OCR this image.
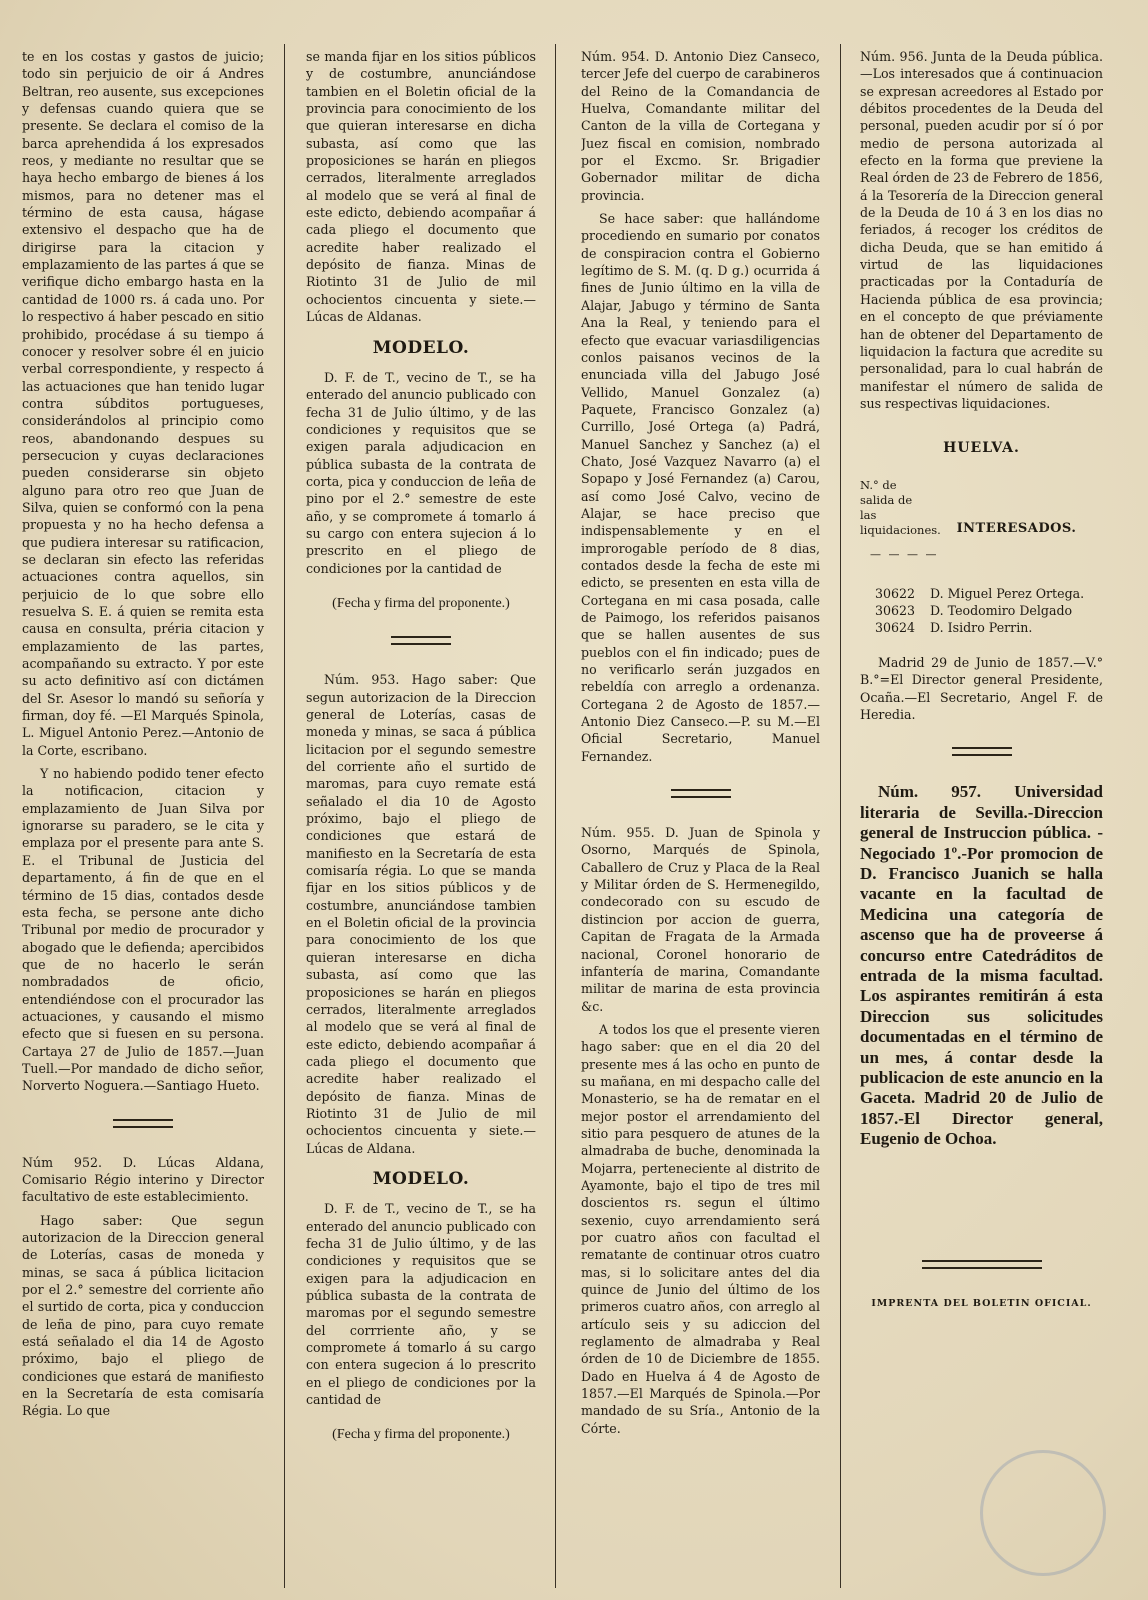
te en los costas y gastos de juicio; todo sin perjuicio de oir á Andres Beltran, reo ausente, sus excepciones y defensas cuando quiera que se presente. Se declara el comiso de la barca aprehendida á los expresados reos, y mediante no resultar que se haya hecho embargo de bienes á los mismos, para no detener mas el término de esta causa, hágase extensivo el despacho que ha de dirigirse para la citacion y emplazamiento de las partes á que se verifique dicho embargo hasta en la cantidad de 1000 rs. á cada uno. Por lo respectivo á haber pescado en sitio prohibido, procédase á su tiempo á conocer y resolver sobre él en juicio verbal correspondiente, y respecto á las actuaciones que han tenido lugar contra súbditos portugueses, considerándolos al principio como reos, abandonando despues su persecucion y cuyas declaraciones pueden considerarse sin objeto alguno para otro reo que Juan de Silva, quien se conformó con la pena propuesta y no ha hecho defensa a que pudiera interesar su ratificacion, se declaran sin efecto las referidas actuaciones contra aquellos, sin perjuicio de lo que sobre ello resuelva S. E. á quien se remita esta causa en consulta, préria citacion y emplazamiento de las partes, acompañando su extracto. Y por este su acto definitivo así con dictámen del Sr. Asesor lo mandó su señoría y firman, doy fé. —El Marqués Spinola, L. Miguel Antonio Perez.—Antonio de la Corte, escribano.

Y no habiendo podido tener efecto la notificacion, citacion y emplazamiento de Juan Silva por ignorarse su paradero, se le cita y emplaza por el presente para ante S. E. el Tribunal de Justicia del departamento, á fin de que en el término de 15 dias, contados desde esta fecha, se persone ante dicho Tribunal por medio de procurador y abogado que le defienda; apercibidos que de no hacerlo le serán nombradados de oficio, entendiéndose con el procurador las actuaciones, y causando el mismo efecto que si fuesen en su persona. Cartaya 27 de Julio de 1857.—Juan Tuell.—Por mandado de dicho señor, Norverto Noguera.—Santiago Hueto.

Núm 952. D. Lúcas Aldana, Comisario Régio interino y Director facultativo de este establecimiento.

Hago saber: Que segun autorizacion de la Direccion general de Loterías, casas de moneda y minas, se saca á pública licitacion por el 2.° semestre del corriente año el surtido de corta, pica y conduccion de leña de pino, para cuyo remate está señalado el dia 14 de Agosto próximo, bajo el pliego de condiciones que estará de manifiesto en la Secretaría de esta comisaría Régia. Lo que

se manda fijar en los sitios públicos y de costumbre, anunciándose tambien en el Boletin oficial de la provincia para conocimiento de los que quieran interesarse en dicha subasta, así como que las proposiciones se harán en pliegos cerrados, literalmente arreglados al modelo que se verá al final de este edicto, debiendo acompañar á cada pliego el documento que acredite haber realizado el depósito de fianza. Minas de Riotinto 31 de Julio de mil ochocientos cincuenta y siete.—Lúcas de Aldanas.

MODELO.

D. F. de T., vecino de T., se ha enterado del anuncio publicado con fecha 31 de Julio último, y de las condiciones y requisitos que se exigen parala adjudicacion en pública subasta de la contrata de corta, pica y conduccion de leña de pino por el 2.° semestre de este año, y se compromete á tomarlo á su cargo con entera sujecion á lo prescrito en el pliego de condiciones por la cantidad de

(Fecha y firma del proponente.)

Núm. 953. Hago saber: Que segun autorizacion de la Direccion general de Loterías, casas de moneda y minas, se saca á pública licitacion por el segundo semestre del corriente año el surtido de maromas, para cuyo remate está señalado el dia 10 de Agosto próximo, bajo el pliego de condiciones que estará de manifiesto en la Secretaría de esta comisaría régia. Lo que se manda fijar en los sitios públicos y de costumbre, anunciándose tambien en el Boletin oficial de la provincia para conocimiento de los que quieran interesarse en dicha subasta, así como que las proposiciones se harán en pliegos cerrados, literalmente arreglados al modelo que se verá al final de este edicto, debiendo acompañar á cada pliego el documento que acredite haber realizado el depósito de fianza. Minas de Riotinto 31 de Julio de mil ochocientos cincuenta y siete.—Lúcas de Aldana.

MODELO.

D. F. de T., vecino de T., se ha enterado del anuncio publicado con fecha 31 de Julio último, y de las condiciones y requisitos que se exigen para la adjudicacion en pública subasta de la contrata de maromas por el segundo semestre del corrriente año, y se compromete á tomarlo á su cargo con entera sugecion á lo prescrito en el pliego de condiciones por la cantidad de

(Fecha y firma del proponente.)

Núm. 954. D. Antonio Diez Canseco, tercer Jefe del cuerpo de carabineros del Reino de la Comandancia de Huelva, Comandante militar del Canton de la villa de Cortegana y Juez fiscal en comision, nombrado por el Excmo. Sr. Brigadier Gobernador militar de dicha provincia.

Se hace saber: que hallándome procediendo en sumario por conatos de conspiracion contra el Gobierno legítimo de S. M. (q. D g.) ocurrida á fines de Junio último en la villa de Alajar, Jabugo y término de Santa Ana la Real, y teniendo para el efecto que evacuar variasdiligencias conlos paisanos vecinos de la enunciada villa del Jabugo José Vellido, Manuel Gonzalez (a) Paquete, Francisco Gonzalez (a) Currillo, José Ortega (a) Padrá, Manuel Sanchez y Sanchez (a) el Chato, José Vazquez Navarro (a) el Sopapo y José Fernandez (a) Carou, así como José Calvo, vecino de Alajar, se hace preciso que indispensablemente y en el improrogable período de 8 dias, contados desde la fecha de este mi edicto, se presenten en esta villa de Cortegana en mi casa posada, calle de Paimogo, los referidos paisanos que se hallen ausentes de sus pueblos con el fin indicado; pues de no verificarlo serán juzgados en rebeldía con arreglo a ordenanza. Cortegana 2 de Agosto de 1857.—Antonio Diez Canseco.—P. su M.—El Oficial Secretario, Manuel Fernandez.

Núm. 955. D. Juan de Spinola y Osorno, Marqués de Spinola, Caballero de Cruz y Placa de la Real y Militar órden de S. Hermenegildo, condecorado con su escudo de distincion por accion de guerra, Capitan de Fragata de la Armada nacional, Coronel honorario de infantería de marina, Comandante militar de marina de esta provincia &c.

A todos los que el presente vieren hago saber: que en el dia 20 del presente mes á las ocho en punto de su mañana, en mi despacho calle del Monasterio, se ha de rematar en el mejor postor el arrendamiento del sitio para pesquero de atunes de la almadraba de buche, denominada la Mojarra, perteneciente al distrito de Ayamonte, bajo el tipo de tres mil doscientos rs. segun el último sexenio, cuyo arrendamiento será por cuatro años con facultad el rematante de continuar otros cuatro mas, si lo solicitare antes del dia quince de Junio del último de los primeros cuatro años, con arreglo al artículo seis y su adiccion del reglamento de almadraba y Real órden de 10 de Diciembre de 1855. Dado en Huelva á 4 de Agosto de 1857.—El Marqués de Spinola.—Por mandado de su Sría., Antonio de la Córte.

Núm. 956. Junta de la Deuda pública.—Los interesados que á continuacion se expresan acreedores al Estado por débitos procedentes de la Deuda del personal, pueden acudir por sí ó por medio de persona autorizada al efecto en la forma que previene la Real órden de 23 de Febrero de 1856, á la Tesorería de la Direccion general de la Deuda de 10 á 3 en los dias no feriados, á recoger los créditos de dicha Deuda, que se han emitido á virtud de las liquidaciones practicadas por la Contaduría de Hacienda pública de esa provincia; en el concepto de que préviamente han de obtener del Departamento de liquidacion la factura que acredite su personalidad, para lo cual habrán de manifestar el número de salida de sus respectivas liquidaciones.

HUELVA.
N.° de salida de las liquidaciones.	INTERESADOS.
— — — —
30622	D. Miguel Perez Ortega.
30623	D. Teodomiro Delgado
30624	D. Isidro Perrin.

Madrid 29 de Junio de 1857.—V.° B.°=El Director general Presidente, Ocaña.—El Secretario, Angel F. de Heredia.

Núm. 957. Universidad literaria de Sevilla.-Direccion general de Instruccion pública. -Negociado 1º.-Por promocion de D. Francisco Juanich se halla vacante en la facultad de Medicina una categoría de ascenso que ha de proveerse á concurso entre Catedráditos de entrada de la misma facultad. Los aspirantes remitirán á esta Direccion sus solicitudes documentadas en el término de un mes, á contar desde la publicacion de este anuncio en la Gaceta. Madrid 20 de Julio de 1857.-El Director general, Eugenio de Ochoa.

IMPRENTA DEL BOLETIN OFICIAL.
